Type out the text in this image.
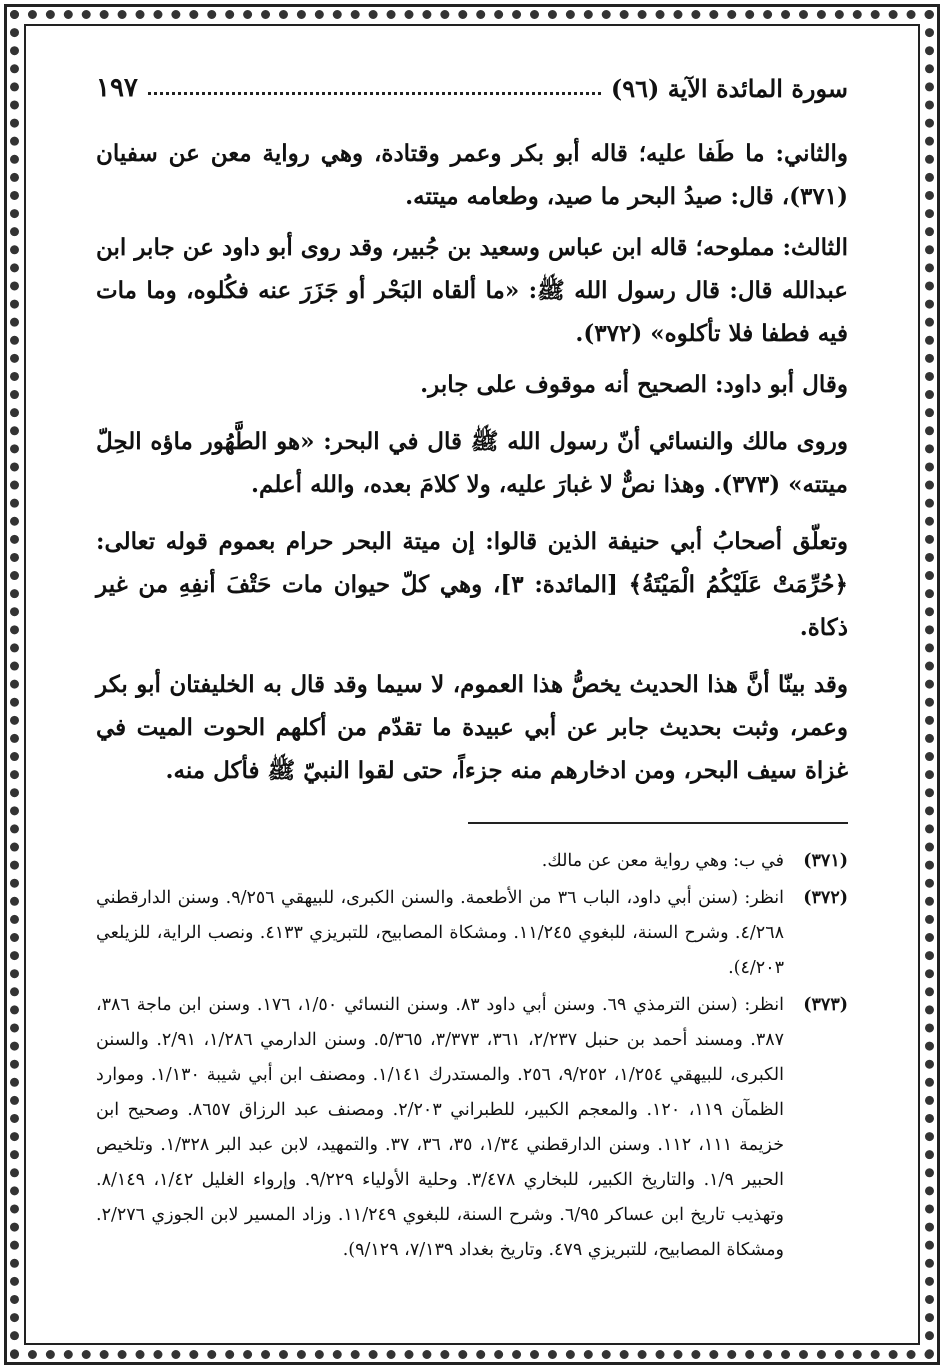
سورة المائدة الآية (٩٦)
١٩٧

والثاني: ما طَفا عليه؛ قاله أبو بكر وعمر وقتادة، وهي رواية معن عن سفيان (٣٧١)، قال: صيدُ البحر ما صيد، وطعامه ميتته.

الثالث: مملوحه؛ قاله ابن عباس وسعيد بن جُبير، وقد روى أبو داود عن جابر ابن عبدالله قال: قال رسول الله ﷺ: «ما ألقاه البَحْر أو جَزَرَ عنه فكُلوه، وما مات فيه فطفا فلا تأكلوه» (٣٧٢).

وقال أبو داود: الصحيح أنه موقوف على جابر.

وروى مالك والنسائي أنّ رسول الله ﷺ قال في البحر: «هو الطَّهُور ماؤه الحِلّ ميتته» (٣٧٣). وهذا نصٌّ لا غبارَ عليه، ولا كلامَ بعده، والله أعلم.

وتعلّق أصحابُ أبي حنيفة الذين قالوا: إن ميتة البحر حرام بعموم قوله تعالى: ﴿حُرِّمَتْ عَلَيْكُمُ الْمَيْتَةُ﴾ [المائدة: ٣]، وهي كلّ حيوان مات حَتْفَ أنفِهِ من غير ذكاة.

وقد بينّا أنَّ هذا الحديث يخصُّ هذا العموم، لا سيما وقد قال به الخليفتان أبو بكر وعمر، وثبت بحديث جابر عن أبي عبيدة ما تقدّم من أكلهم الحوت الميت في غزاة سيف البحر، ومن ادخارهم منه جزءاً، حتى لقوا النبيّ ﷺ فأكل منه.

(٣٧١)
في ب: وهي رواية معن عن مالك.
(٣٧٢)
انظر: (سنن أبي داود، الباب ٣٦ من الأطعمة. والسنن الكبرى، للبيهقي ٩/٢٥٦. وسنن الدارقطني ٤/٢٦٨. وشرح السنة، للبغوي ١١/٢٤٥. ومشكاة المصابيح، للتبريزي ٤١٣٣. ونصب الراية، للزيلعي ٤/٢٠٣).
(٣٧٣)
انظر: (سنن الترمذي ٦٩. وسنن أبي داود ٨٣. وسنن النسائي ١/٥٠، ١٧٦. وسنن ابن ماجة ٣٨٦، ٣٨٧. ومسند أحمد بن حنبل ٢/٢٣٧، ٣٦١، ٣/٣٧٣، ٥/٣٦٥. وسنن الدارمي ١/٢٨٦، ٢/٩١. والسنن الكبرى، للبيهقي ١/٢٥٤، ٩/٢٥٢، ٢٥٦. والمستدرك ١/١٤١. ومصنف ابن أبي شيبة ١/١٣٠. وموارد الظمآن ١١٩، ١٢٠. والمعجم الكبير، للطبراني ٢/٢٠٣. ومصنف عبد الرزاق ٨٦٥٧. وصحيح ابن خزيمة ١١١، ١١٢. وسنن الدارقطني ١/٣٤، ٣٥، ٣٦، ٣٧. والتمهيد، لابن عبد البر ١/٣٢٨. وتلخيص الحبير ١/٩. والتاريخ الكبير، للبخاري ٣/٤٧٨. وحلية الأولياء ٩/٢٢٩. وإرواء الغليل ١/٤٢، ٨/١٤٩. وتهذيب تاريخ ابن عساكر ٦/٩٥. وشرح السنة، للبغوي ١١/٢٤٩. وزاد المسير لابن الجوزي ٢/٢٧٦. ومشكاة المصابيح، للتبريزي ٤٧٩. وتاريخ بغداد ٧/١٣٩، ٩/١٢٩).
